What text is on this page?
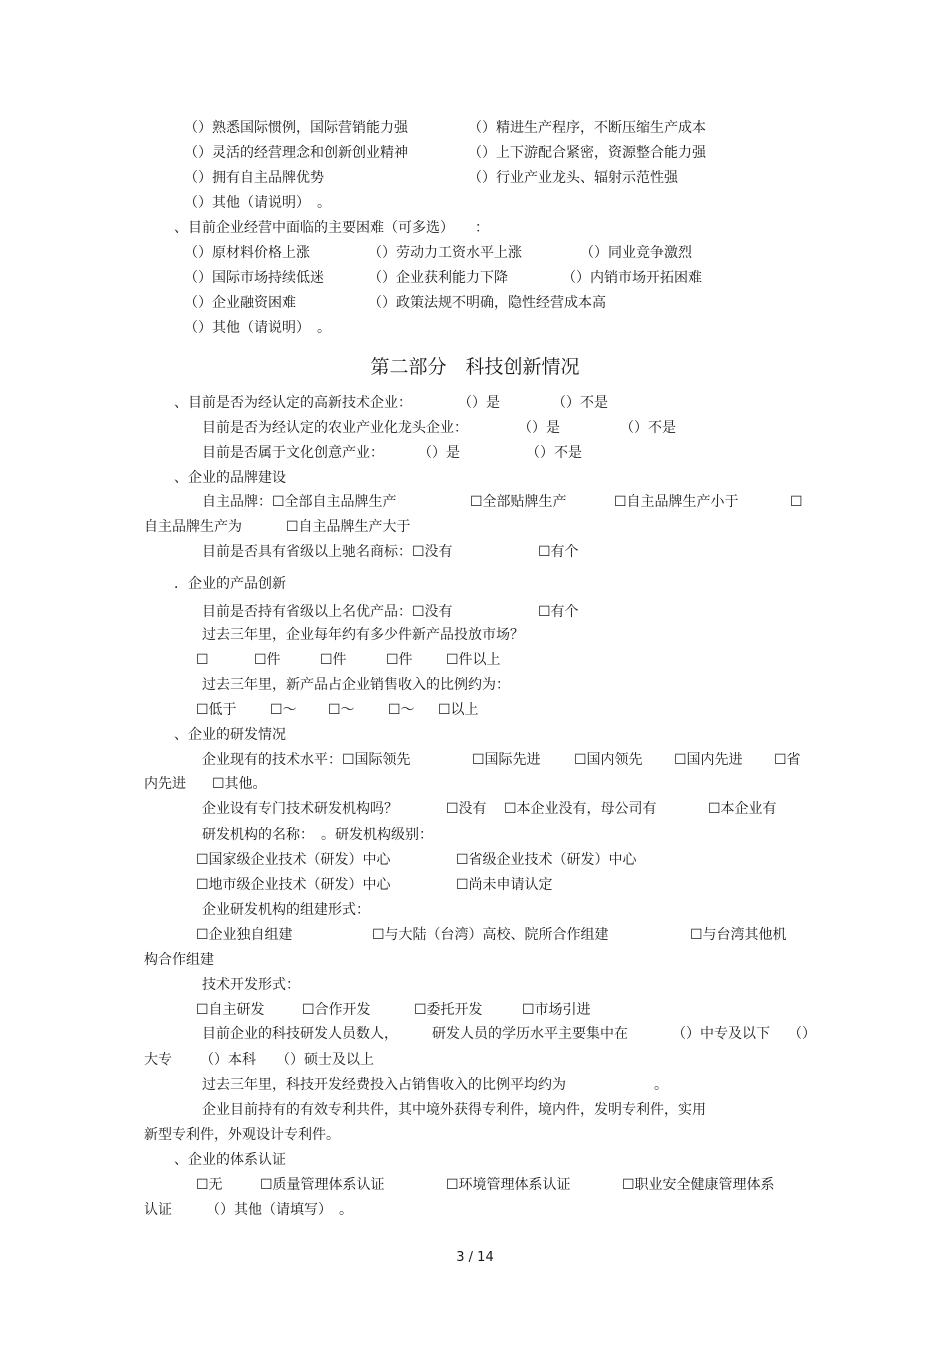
（）熟悉国际惯例，国际营销能力强	（）精进生产程序，不断压缩生产成本
（）灵活的经营理念和创新创业精神	（）上下游配合紧密，资源整合能力强
（）拥有自主品牌优势	（）行业产业龙头、辐射示范性强
（）其他（请说明）　。
、目前企业经营中面临的主要困难（可多选）　　：
（）原材料价格上涨	（）劳动力工资水平上涨	（）同业竞争激烈
（）国际市场持续低迷	（）企业获利能力下降	（）内销市场开拓困难
（）企业融资困难	（）政策法规不明确，隐性经营成本高
（）其他（请说明）　。
第二部分　科技创新情况
、目前是否为经认定的高新技术企业：	（）是	（）不是
目前是否为经认定的农业产业化龙头企业：	（）是	（）不是
目前是否属于文化创意产业： （）是	（）不是
、企业的品牌建设
自主品牌：☐全部自主品牌生产	☐全部贴牌生产	☐自主品牌生产小于	☐
自主品牌生产为	☐自主品牌生产大于
目前是否具有省级以上驰名商标：☐没有	☐有个
．企业的产品创新
目前是否持有省级以上名优产品：☐没有	☐有个
过去三年里，企业每年约有多少件新产品投放市场？
☐	☐件	☐件	☐件 ☐件以上
过去三年里，新产品占企业销售收入的比例约为：
☐低于 ☐～ ☐～ ☐～ ☐以上
、企业的研发情况
企业现有的技术水平：☐国际领先	☐国际先进 ☐国内领先 ☐国内先进 ☐省
内先进 ☐其他。
企业设有专门技术研发机构吗？	☐没有 ☐本企业没有，母公司有	☐本企业有
研发机构的名称：　。研发机构级别：
☐国家级企业技术（研发）中心	☐省级企业技术（研发）中心
☐地市级企业技术（研发）中心	☐尚未申请认定
企业研发机构的组建形式：
☐企业独自组建	☐与大陆（台湾）高校、院所合作组建	☐与台湾其他机
构合作组建
技术开发形式：
☐自主研发	☐合作开发	☐委托开发	☐市场引进
目前企业的科技研发人员数人， 研发人员的学历水平主要集中在	（）中专及以下 （）
大专 （）本科 （）硕士及以上
过去三年里，科技开发经费投入占销售收入的比例平均约为	。
企业目前持有的有效专利共件，其中境外获得专利件，境内件，发明专利件，实用
新型专利件，外观设计专利件。
、企业的体系认证
☐无	☐质量管理体系认证	☐环境管理体系认证	☐职业安全健康管理体系
认证 （）其他（请填写）　。
3 / 14
